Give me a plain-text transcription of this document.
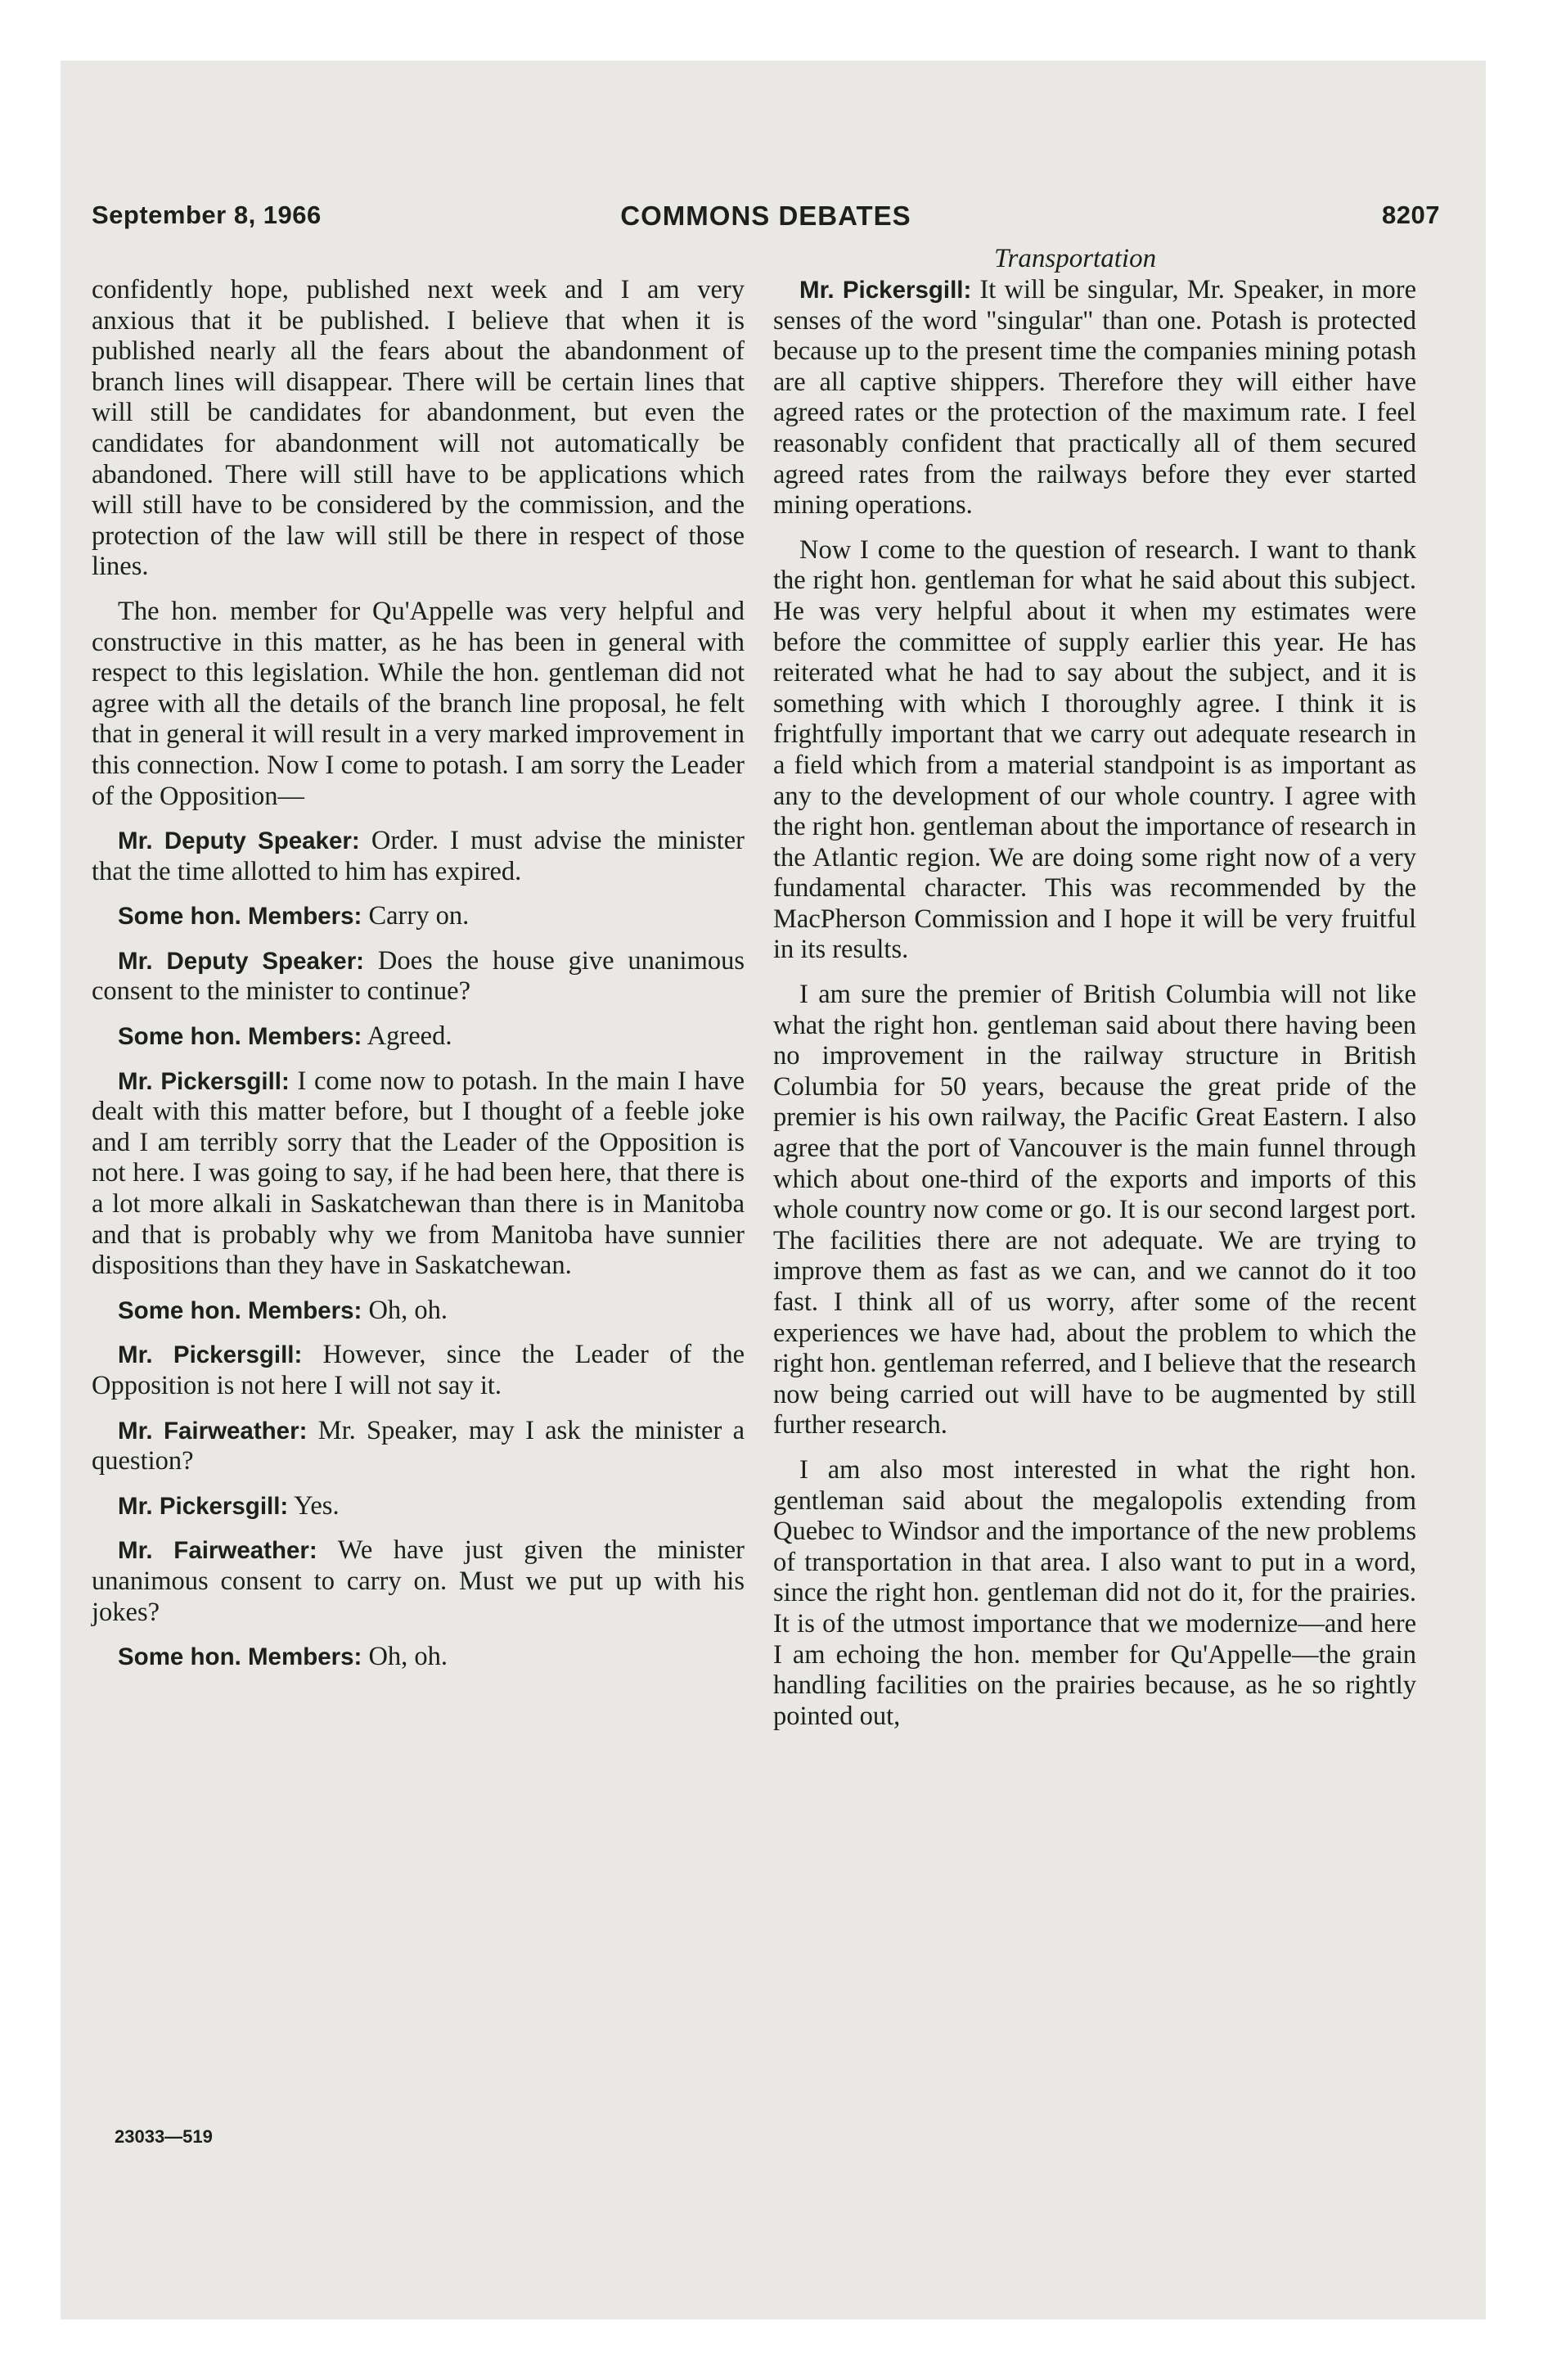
September 8, 1966	COMMONS DEBATES	8207
Transportation

confidently hope, published next week and I am very anxious that it be published. I believe that when it is published nearly all the fears about the abandonment of branch lines will disappear. There will be certain lines that will still be candidates for abandonment, but even the candidates for abandonment will not automatically be abandoned. There will still have to be applications which will still have to be considered by the commission, and the protection of the law will still be there in respect of those lines.

The hon. member for Qu'Appelle was very helpful and constructive in this matter, as he has been in general with respect to this legislation. While the hon. gentleman did not agree with all the details of the branch line proposal, he felt that in general it will result in a very marked improvement in this connection. Now I come to potash. I am sorry the Leader of the Opposition—

Mr. Deputy Speaker: Order. I must advise the minister that the time allotted to him has expired.

Some hon. Members: Carry on.

Mr. Deputy Speaker: Does the house give unanimous consent to the minister to continue?

Some hon. Members: Agreed.

Mr. Pickersgill: I come now to potash. In the main I have dealt with this matter before, but I thought of a feeble joke and I am terribly sorry that the Leader of the Opposition is not here. I was going to say, if he had been here, that there is a lot more alkali in Saskatchewan than there is in Manitoba and that is probably why we from Manitoba have sunnier dispositions than they have in Saskatchewan.

Some hon. Members: Oh, oh.

Mr. Pickersgill: However, since the Leader of the Opposition is not here I will not say it.

Mr. Fairweather: Mr. Speaker, may I ask the minister a question?

Mr. Pickersgill: Yes.

Mr. Fairweather: We have just given the minister unanimous consent to carry on. Must we put up with his jokes?

Some hon. Members: Oh, oh.

Mr. Pickersgill: It will be singular, Mr. Speaker, in more senses of the word "singular" than one. Potash is protected because up to the present time the companies mining potash are all captive shippers. Therefore they will either have agreed rates or the protection of the maximum rate. I feel reasonably confident that practically all of them secured agreed rates from the railways before they ever started mining operations.

Now I come to the question of research. I want to thank the right hon. gentleman for what he said about this subject. He was very helpful about it when my estimates were before the committee of supply earlier this year. He has reiterated what he had to say about the subject, and it is something with which I thoroughly agree. I think it is frightfully important that we carry out adequate research in a field which from a material standpoint is as important as any to the development of our whole country. I agree with the right hon. gentleman about the importance of research in the Atlantic region. We are doing some right now of a very fundamental character. This was recommended by the MacPherson Commission and I hope it will be very fruitful in its results.

I am sure the premier of British Columbia will not like what the right hon. gentleman said about there having been no improvement in the railway structure in British Columbia for 50 years, because the great pride of the premier is his own railway, the Pacific Great Eastern. I also agree that the port of Vancouver is the main funnel through which about one-third of the exports and imports of this whole country now come or go. It is our second largest port. The facilities there are not adequate. We are trying to improve them as fast as we can, and we cannot do it too fast. I think all of us worry, after some of the recent experiences we have had, about the problem to which the right hon. gentleman referred, and I believe that the research now being carried out will have to be augmented by still further research.

I am also most interested in what the right hon. gentleman said about the megalopolis extending from Quebec to Windsor and the importance of the new problems of transportation in that area. I also want to put in a word, since the right hon. gentleman did not do it, for the prairies. It is of the utmost importance that we modernize—and here I am echoing the hon. member for Qu'Appelle—the grain handling facilities on the prairies because, as he so rightly pointed out,

23033—519
